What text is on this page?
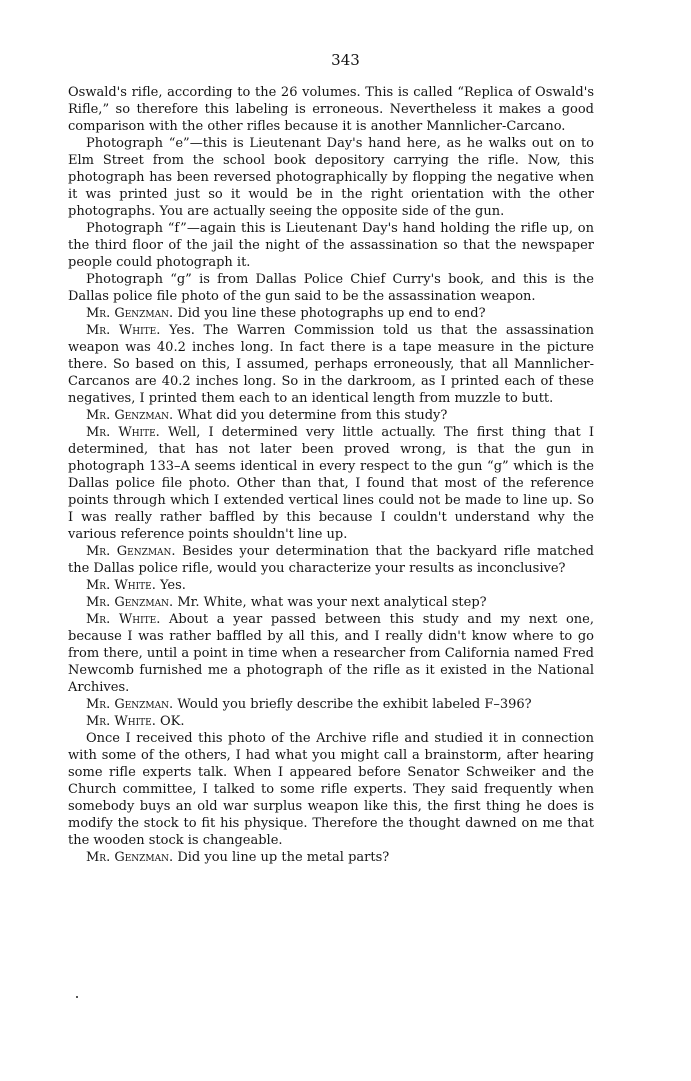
343

Oswald's rifle, according to the 26 volumes. This is called “Replica of Oswald's Rifle,” so therefore this labeling is erroneous. Nevertheless it makes a good comparison with the other rifles because it is another Mannlicher-Carcano.

Photograph “e”—this is Lieutenant Day's hand here, as he walks out on to Elm Street from the school book depository carrying the rifle. Now, this photograph has been reversed photographically by flopping the negative when it was printed just so it would be in the right orientation with the other photographs. You are actually seeing the opposite side of the gun.

Photograph “f”—again this is Lieutenant Day's hand holding the rifle up, on the third floor of the jail the night of the assassination so that the newspaper people could photograph it.

Photograph “g” is from Dallas Police Chief Curry's book, and this is the Dallas police file photo of the gun said to be the assassination weapon.

Mr. Genzman. Did you line these photographs up end to end?

Mr. White. Yes. The Warren Commission told us that the assassination weapon was 40.2 inches long. In fact there is a tape measure in the picture there. So based on this, I assumed, perhaps erroneously, that all Mannlicher-Carcanos are 40.2 inches long. So in the darkroom, as I printed each of these negatives, I printed them each to an identical length from muzzle to butt.

Mr. Genzman. What did you determine from this study?

Mr. White. Well, I determined very little actually. The first thing that I determined, that has not later been proved wrong, is that the gun in photograph 133–A seems identical in every respect to the gun “g” which is the Dallas police file photo. Other than that, I found that most of the reference points through which I extended vertical lines could not be made to line up. So I was really rather baffled by this because I couldn't understand why the various reference points shouldn't line up.

Mr. Genzman. Besides your determination that the backyard rifle matched the Dallas police rifle, would you characterize your results as inconclusive?

Mr. White. Yes.

Mr. Genzman. Mr. White, what was your next analytical step?

Mr. White. About a year passed between this study and my next one, because I was rather baffled by all this, and I really didn't know where to go from there, until a point in time when a researcher from California named Fred Newcomb furnished me a photograph of the rifle as it existed in the National Archives.

Mr. Genzman. Would you briefly describe the exhibit labeled F–396?

Mr. White. OK.

Once I received this photo of the Archive rifle and studied it in connection with some of the others, I had what you might call a brainstorm, after hearing some rifle experts talk. When I appeared before Senator Schweiker and the Church committee, I talked to some rifle experts. They said frequently when somebody buys an old war surplus weapon like this, the first thing he does is modify the stock to fit his physique. Therefore the thought dawned on me that the wooden stock is changeable.

Mr. Genzman. Did you line up the metal parts?
